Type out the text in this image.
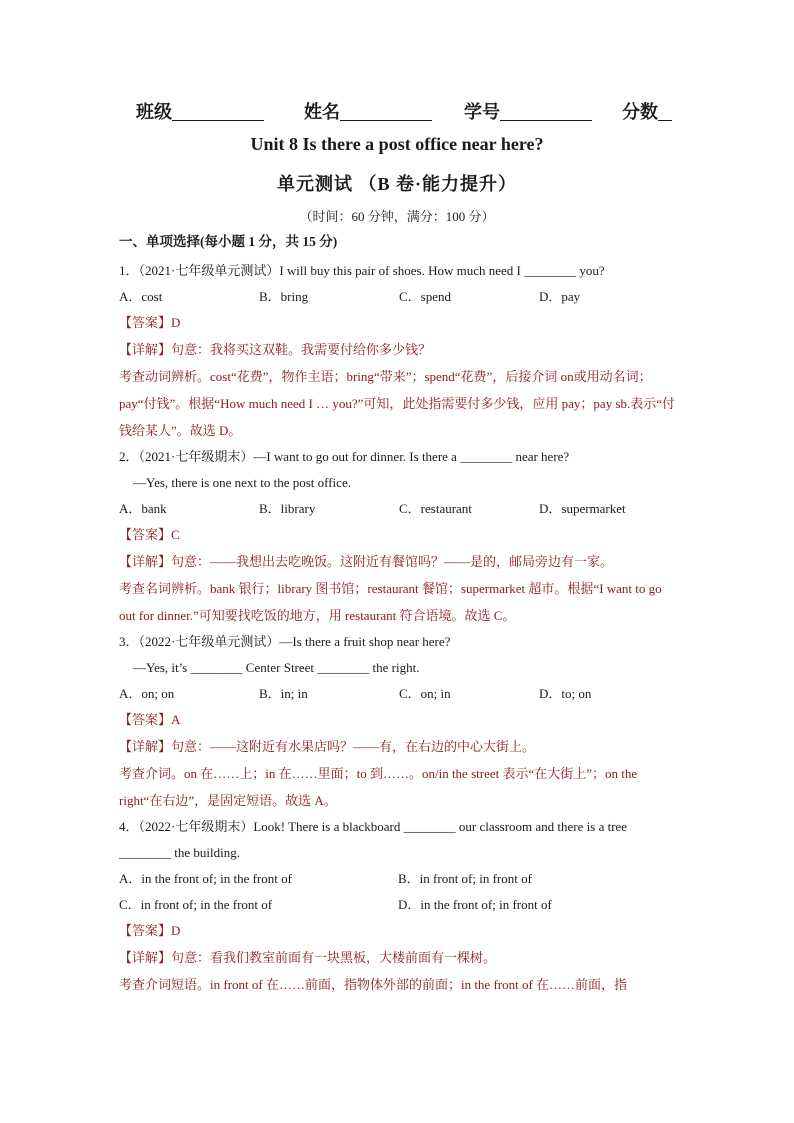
班级	姓名	学号	分数
Unit 8 Is there a post office near here?
单元测试 （B 卷·能力提升）
（时间：60 分钟，满分：100 分）
一、单项选择(每小题 1 分，共 15 分)
1．（2021·七年级单元测试）I will buy this pair of shoes. How much need I ________ you?
A．cost	B．bring	C．spend	D．pay
【答案】D
【详解】句意：我将买这双鞋。我需要付给你多少钱？
考查动词辨析。cost“花费”，物作主语；bring“带来”；spend“花费”，后接介词 on或用动名词；pay“付钱”。根据“How much need I … you?”可知，此处指需要付多少钱，应用 pay；pay sb.表示“付钱给某人”。故选 D。
2．（2021·七年级期末）—I want to go out for dinner. Is there a ________ near here?
—Yes, there is one next to the post office.
A．bank	B．library	C．restaurant	D．supermarket
【答案】C
【详解】句意：——我想出去吃晚饭。这附近有餐馆吗？——是的，邮局旁边有一家。
考查名词辨析。bank 银行；library 图书馆；restaurant 餐馆；supermarket 超市。根据“I want to go out for dinner.”可知要找吃饭的地方，用 restaurant 符合语境。故选 C。
3．（2022·七年级单元测试）—Is there a fruit shop near here?
—Yes, it’s ________ Center Street ________ the right.
A．on; on	B．in; in	C．on; in	D．to; on
【答案】A
【详解】句意：——这附近有水果店吗？——有，在右边的中心大街上。
考查介词。on 在……上；in 在……里面；to 到……。on/in the street 表示“在大街上”；on the right“在右边”，是固定短语。故选 A。
4．（2022·七年级期末）Look! There is a blackboard ________ our classroom and there is a tree
________ the building.
A．in the front of; in the front of	B．in front of; in front of
C．in front of; in the front of	D．in the front of; in front of
【答案】D
【详解】句意：看我们教室前面有一块黑板，大楼前面有一棵树。
考查介词短语。in front of 在……前面，指物体外部的前面；in the front of 在……前面，指
